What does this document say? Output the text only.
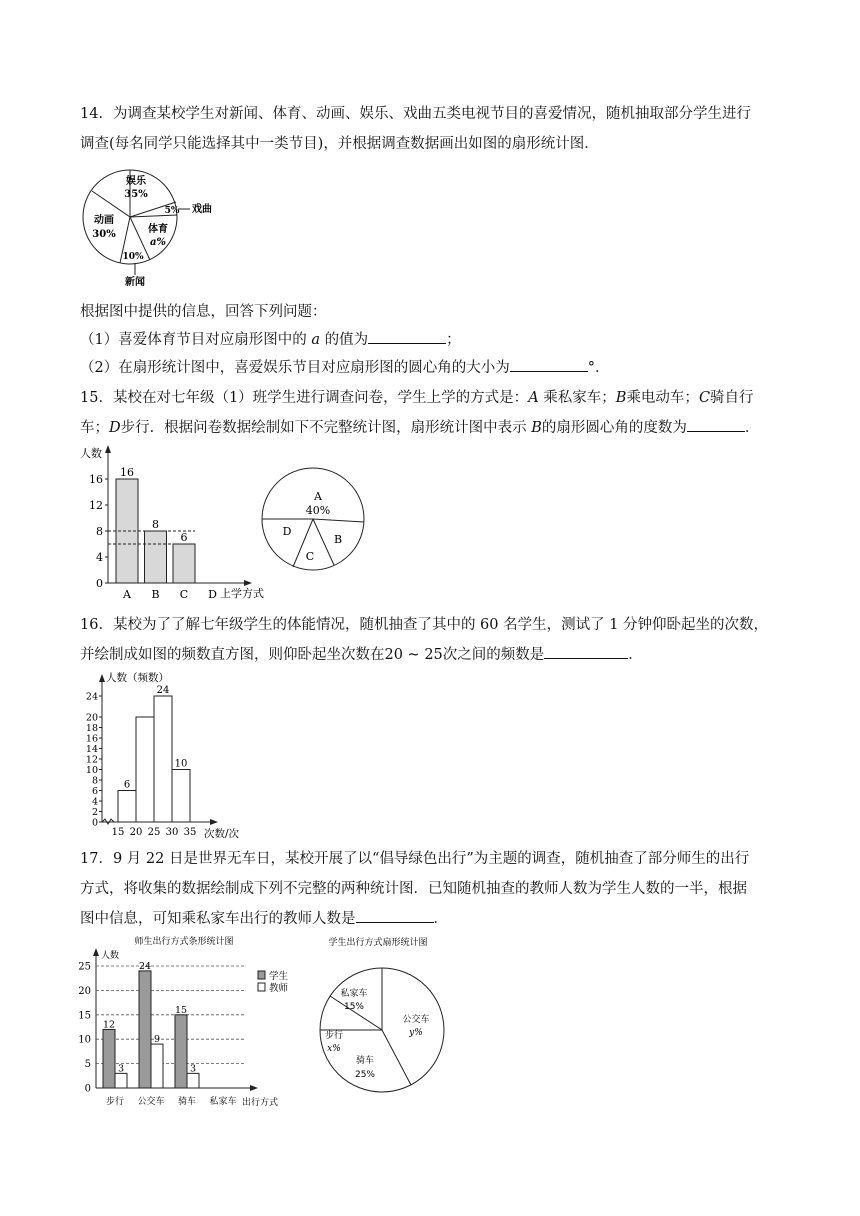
14．为调查某校学生对新闻、体育、动画、娱乐、戏曲五类电视节目的喜爱情况，随机抽取部分学生进行

调查(每名同学只能选择其中一类节目)，并根据调查数据画出如图的扇形统计图．

娱乐
35%
5% 戏曲
体育
a%
10%
新闻
动画
30%

根据图中提供的信息，回答下列问题：

（1）喜爱体育节目对应扇形图中的 a 的值为	；

（2）在扇形统计图中，喜爱娱乐节目对应扇形图的圆心角的大小为	°．

15．某校在对七年级（1）班学生进行调查问卷，学生上学的方式是：A 乘私家车；B乘电动车；C骑自行

车；D步行．根据问卷数据绘制如下不完整统计图，扇形统计图中表示 B的扇形圆心角的度数为	．

人数
上学方式
0
4
8
12
16
16
A
8
B
6
C D
A
40%
B
C
D

16．某校为了了解七年级学生的体能情况，随机抽查了其中的 60 名学生，测试了 1 分钟仰卧起坐的次数，

并绘制成如图的频数直方图，则仰卧起坐次数在20 ~ 25次之间的频数是	．

人数（频数）
次数/次
0
2
4
6
8
10
12
14
16
18
20
24
6
24
10
15 20 25 30 35

17．9 月 22 日是世界无车日，某校开展了以“倡导绿色出行”为主题的调查，随机抽查了部分师生的出行

方式，将收集的数据绘制成下列不完整的两种统计图．已知随机抽查的教师人数为学生人数的一半，根据

图中信息，可知乘私家车出行的教师人数是	．

师生出行方式条形统计图
人数
出行方式
0
5
10
15
20
25
12
3
步行
24
9
公交车
15
3
骑车 私家车
学生
教师
学生出行方式扇形统计图
私家车
15%
公交车
y%
骑车
25%
步行
x%
